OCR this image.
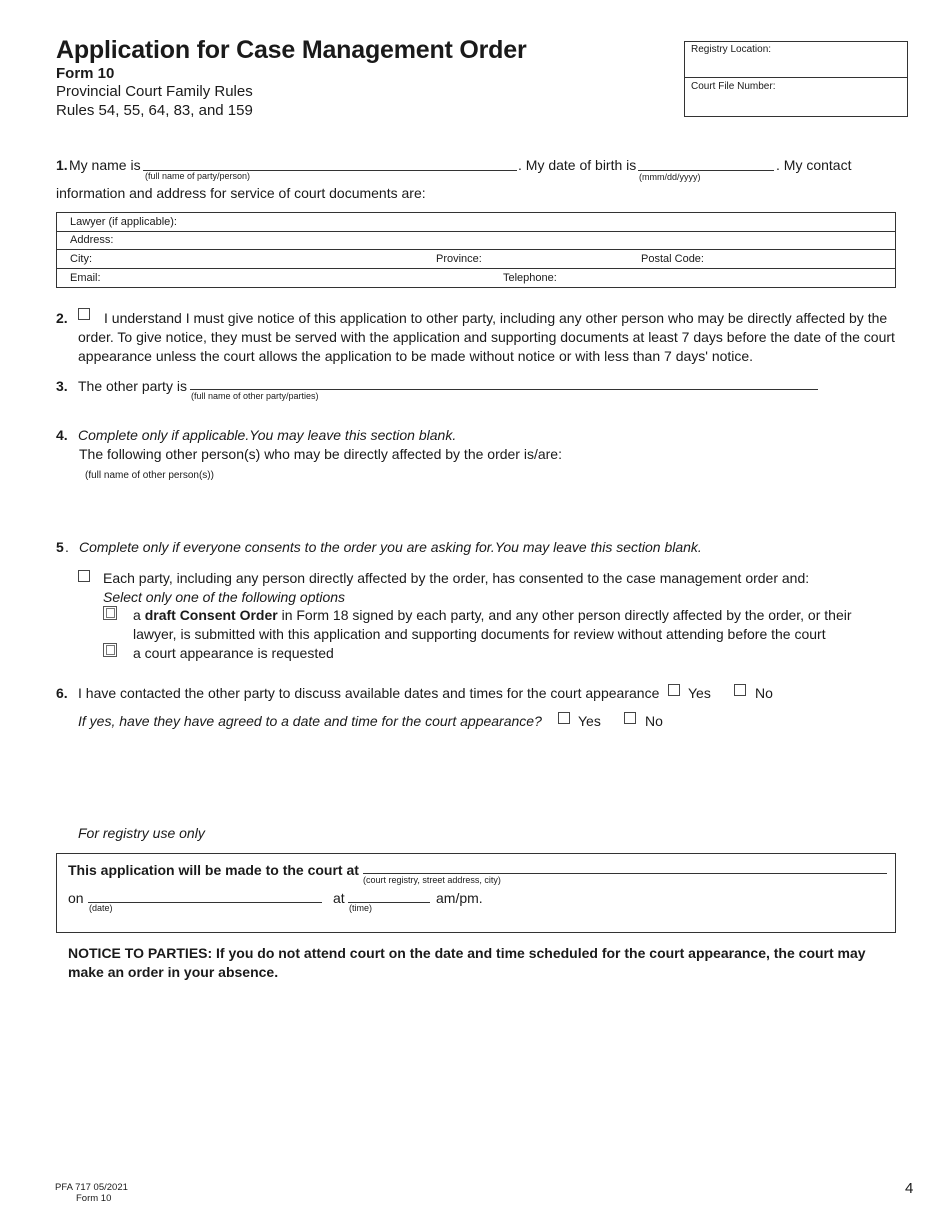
Application for Case Management Order
Form 10
Provincial Court Family Rules
Rules 54, 55, 64, 83, and 159
Registry Location:
Court File Number:
1. My name is
(full name of party/person)
. My date of birth is
(mmm/dd/yyyy)
. My contact
information and address for service of court documents are:
Lawyer (if applicable):
Address:
City:	Province:	Postal Code:
Email:	Telephone:
2.	I understand I must give notice of this application to other party, including any other person who may be directly affected by the
order. To give notice, they must be served with the application and supporting documents at least 7 days before the date of the court
appearance unless the court allows the application to be made without notice or with less than 7 days' notice.
3. The other party is
(full name of other party/parties)
4. Complete only if applicable.You may leave this section blank.
The following other person(s) who may be directly affected by the order is/are:
(full name of other person(s))
5 . Complete only if everyone consents to the order you are asking for.You may leave this section blank.
Each party, including any person directly affected by the order, has consented to the case management order and:
Select only one of the following options
a draft Consent Order in Form 18 signed by each party, and any other person directly affected by the order, or their
lawyer, is submitted with this application and supporting documents for review without attending before the court
a court appearance is requested
6. I have contacted the other party to discuss available dates and times for the court appearance Yes	No
If yes, have they have agreed to a date and time for the court appearance?	Yes	No
For registry use only
This application will be made to the court at
(court registry, street address, city)
on
(date)
at
(time)
am/pm.
NOTICE TO PARTIES: If you do not attend court on the date and time scheduled for the court appearance, the court may make an order in your absence.
PFA 717 05/2021
Form 10
4
